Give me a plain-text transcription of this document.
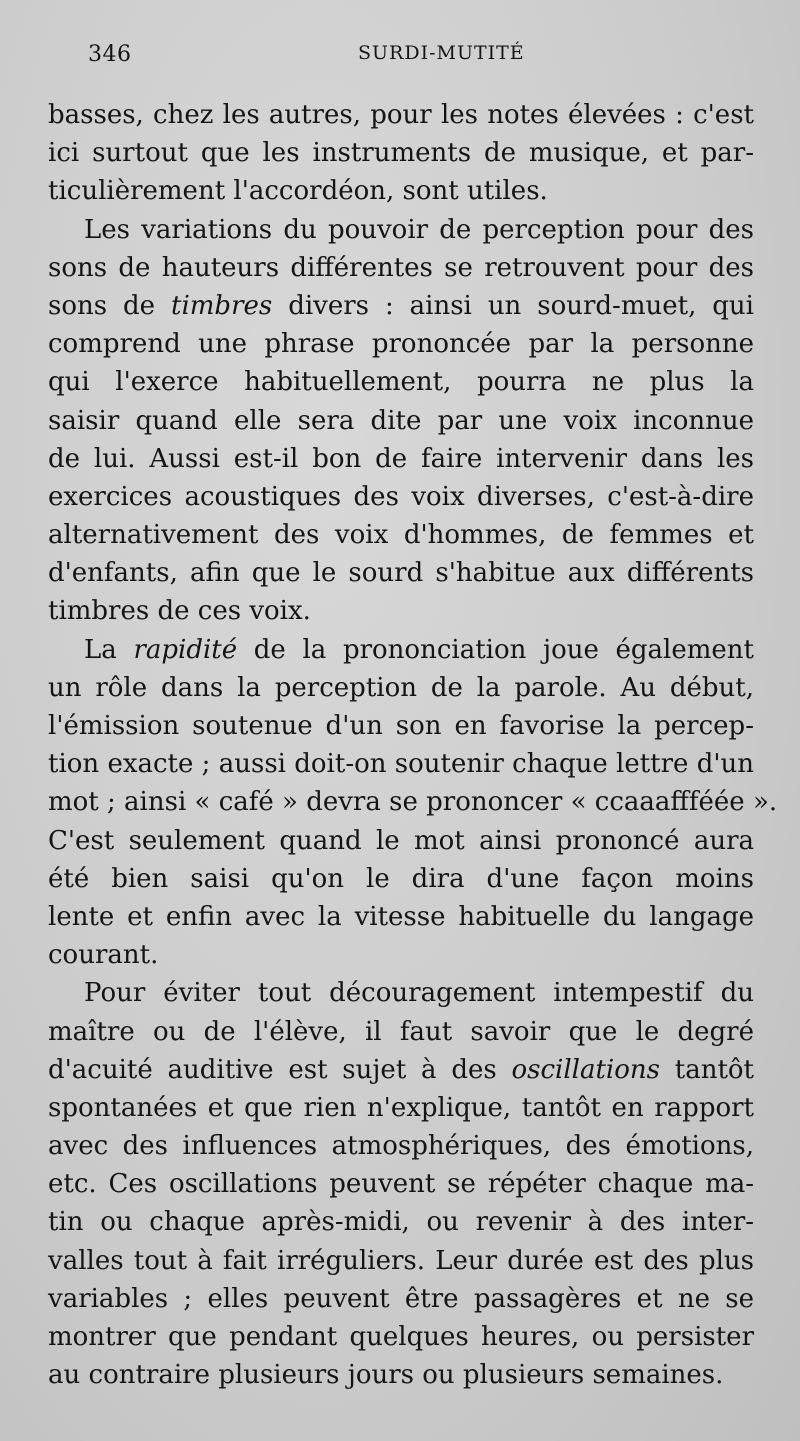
346	SURDI-MUTITÉ
basses, chez les autres, pour les notes élevées : c'est
ici surtout que les instruments de musique, et par-
ticulièrement l'accordéon, sont utiles.
Les variations du pouvoir de perception pour des
sons de hauteurs différentes se retrouvent pour des
sons de timbres divers : ainsi un sourd-muet, qui
comprend une phrase prononcée par la personne
qui l'exerce habituellement, pourra ne plus la
saisir quand elle sera dite par une voix inconnue
de lui. Aussi est-il bon de faire intervenir dans les
exercices acoustiques des voix diverses, c'est-à-dire
alternativement des voix d'hommes, de femmes et
d'enfants, afin que le sourd s'habitue aux différents
timbres de ces voix.
La rapidité de la prononciation joue également
un rôle dans la perception de la parole. Au début,
l'émission soutenue d'un son en favorise la percep-
tion exacte ; aussi doit-on soutenir chaque lettre d'un
mot ; ainsi « café » devra se prononcer « ccaaaffféée ».
C'est seulement quand le mot ainsi prononcé aura
été bien saisi qu'on le dira d'une façon moins
lente et enfin avec la vitesse habituelle du langage
courant.
Pour éviter tout découragement intempestif du
maître ou de l'élève, il faut savoir que le degré
d'acuité auditive est sujet à des oscillations tantôt
spontanées et que rien n'explique, tantôt en rapport
avec des influences atmosphériques, des émotions,
etc. Ces oscillations peuvent se répéter chaque ma-
tin ou chaque après-midi, ou revenir à des inter-
valles tout à fait irréguliers. Leur durée est des plus
variables ; elles peuvent être passagères et ne se
montrer que pendant quelques heures, ou persister
au contraire plusieurs jours ou plusieurs semaines.
